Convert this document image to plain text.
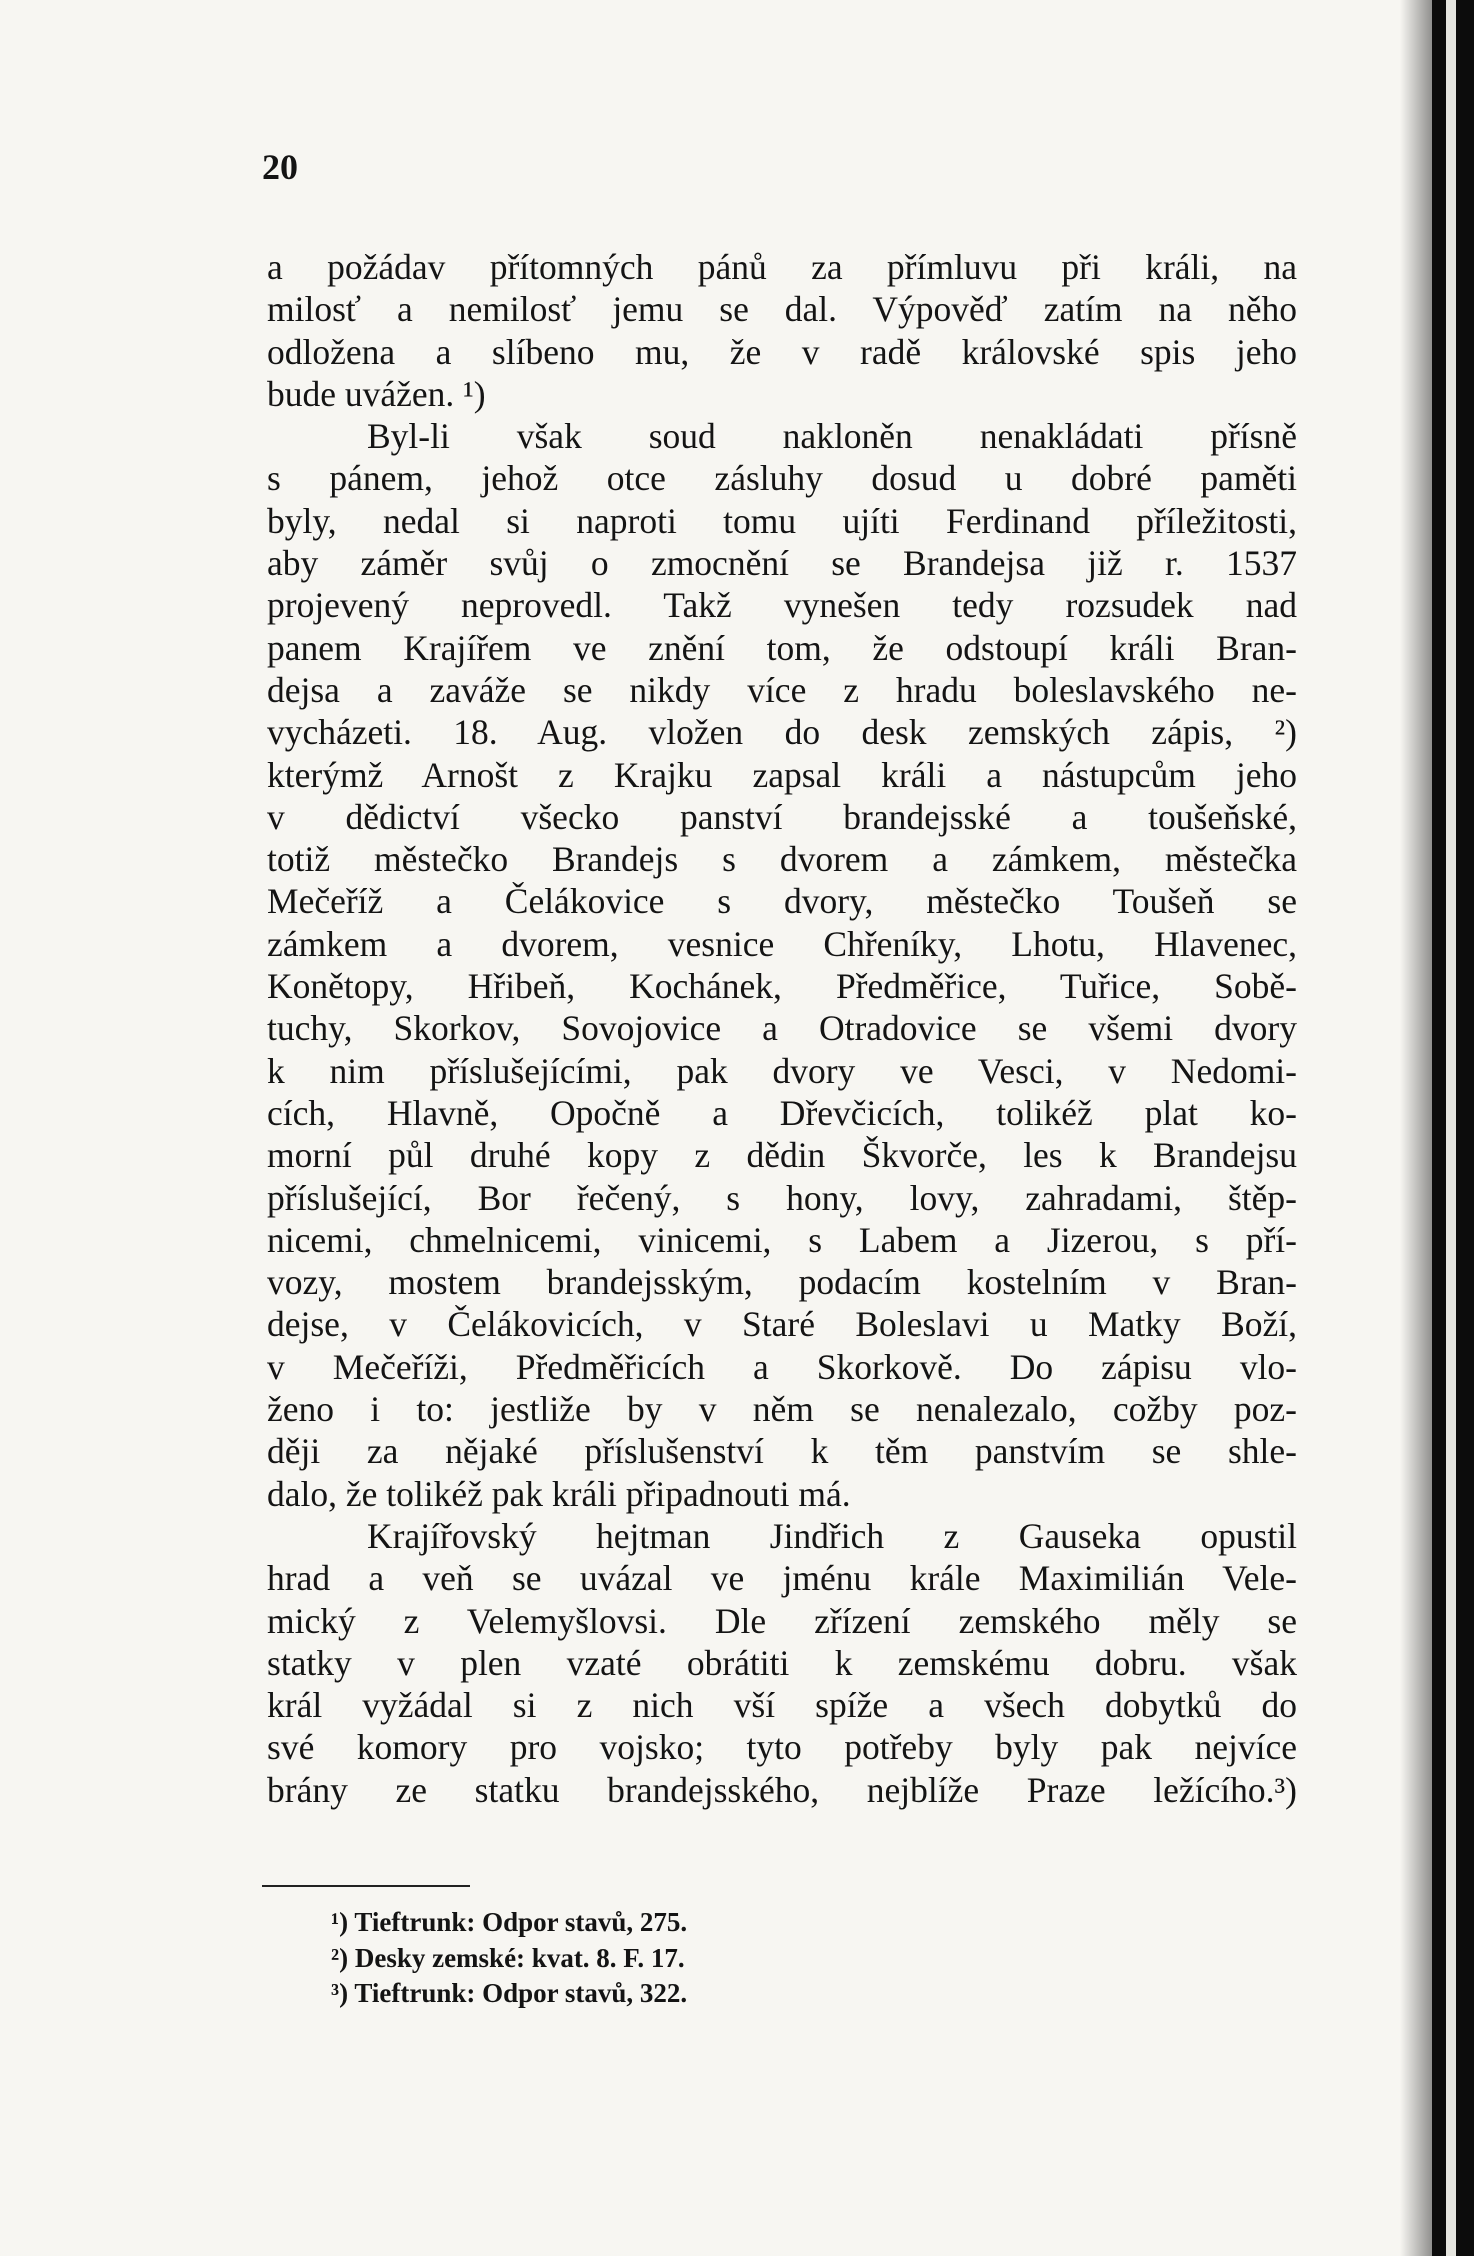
20
a požádav přítomných pánů za přímluvu při králi, na
milosť a nemilosť jemu se dal. Výpověď zatím na něho
odložena a slíbeno mu, že v radě královské spis jeho
bude uvážen. ¹)
Byl-li však soud nakloněn nenakládati přísně
s pánem, jehož otce zásluhy dosud u dobré paměti
byly, nedal si naproti tomu ujíti Ferdinand příležitosti,
aby záměr svůj o zmocnění se Brandejsa již r. 1537
projevený neprovedl. Takž vynešen tedy rozsudek nad
panem Krajířem ve znění tom, že odstoupí králi Bran-
dejsa a zaváže se nikdy více z hradu boleslavského ne-
vycházeti. 18. Aug. vložen do desk zemských zápis, ²)
kterýmž Arnošt z Krajku zapsal králi a nástupcům jeho
v dědictví všecko panství brandejsské a toušeňské,
totiž městečko Brandejs s dvorem a zámkem, městečka
Mečeříž a Čelákovice s dvory, městečko Toušeň se
zámkem a dvorem, vesnice Chřeníky, Lhotu, Hlavenec,
Konětopy, Hřibeň, Kochánek, Předměřice, Tuřice, Sobě-
tuchy, Skorkov, Sovojovice a Otradovice se všemi dvory
k nim příslušejícími, pak dvory ve Vesci, v Nedomi-
cích, Hlavně, Opočně a Dřevčicích, tolikéž plat ko-
morní půl druhé kopy z dědin Škvorče, les k Brandejsu
příslušející, Bor řečený, s hony, lovy, zahradami, štěp-
nicemi, chmelnicemi, vinicemi, s Labem a Jizerou, s pří-
vozy, mostem brandejsským, podacím kostelním v Bran-
dejse, v Čelákovicích, v Staré Boleslavi u Matky Boží,
v Mečeříži, Předměřicích a Skorkově. Do zápisu vlo-
ženo i to: jestliže by v něm se nenalezalo, cožby poz-
ději za nějaké příslušenství k těm panstvím se shle-
dalo, že tolikéž pak králi připadnouti má.
Krajířovský hejtman Jindřich z Gauseka opustil
hrad a veň se uvázal ve jménu krále Maximilián Vele-
mický z Velemyšlovsi. Dle zřízení zemského měly se
statky v plen vzaté obrátiti k zemskému dobru. však
král vyžádal si z nich vší spíže a všech dobytků do
své komory pro vojsko; tyto potřeby byly pak nejvíce
brány ze statku brandejsského, nejblíže Praze ležícího.³)
¹) Tieftrunk: Odpor stavů, 275.
²) Desky zemské: kvat. 8. F. 17.
³) Tieftrunk: Odpor stavů, 322.
